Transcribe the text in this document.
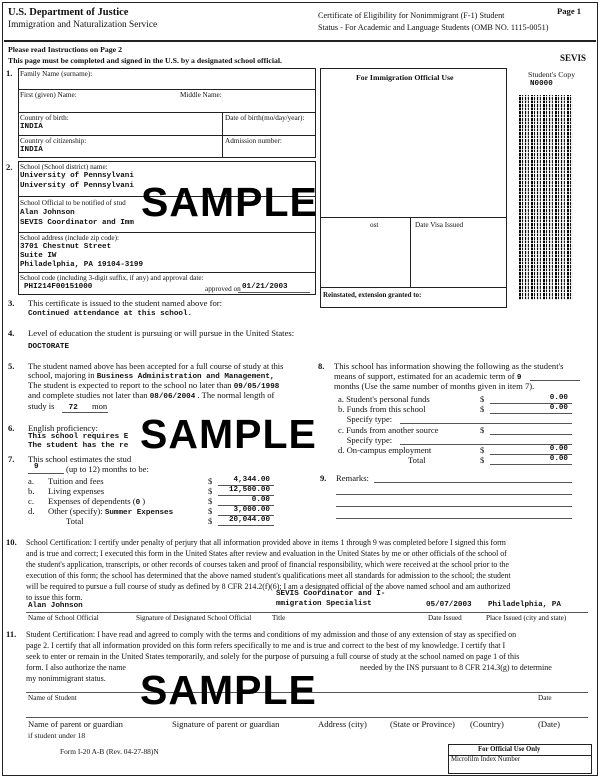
U.S. Department of Justice
Immigration and Naturalization Service
Certificate of Eligibility for Nonimmigrant (F-1) Student
Status - For Academic and Language Students (OMB NO. 1115-0051)
Page 1
Please read Instructions on Page 2
This page must be completed and signed in the U.S. by a designated school official.	SEVIS
1. Family Name (surname):
First (given) Name:	Middle Name:
Country of birth:
INDIA
Date of birth(mo/day/year):
Country of citizenship:
INDIA
Admission number:
For Immigration Official Use
ost	Date Visa Issued
Reinstated, extension granted to:
Student's Copy
N0000
2. School (School district) name:
University of Pennsylvani
University of Pennsylvani
School Official to be notified of stud
Alan Johnson
SEVIS Coordinator and Imm
School address (include zip code):
3701 Chestnut Street
Suite IW
Philadelphia, PA 19104-3199
School code (including 3-digit suffix, if any) and approval date:
PHI214F00151000	approved on 01/21/2003
3. This certificate is issued to the student named above for:
Continued attendance at this school.
4. Level of education the student is pursuing or will pursue in the United States:
DOCTORATE
5. The student named above has been accepted for a full course of study at this
school, majoring in Business Administration and Management,
The student is expected to report to the school no later than 09/05/1998
and complete studies not later than 08/06/2004 . The normal length of
study is 72 mon
6. English proficiency:
This school requires E
The student has the re
7. This school estimates the stud
9	(up to 12) months to be:
a. Tuition and fees	$	4,344.00
b. Living expenses	$ 12,500.00
c. Expenses of dependents (0 )	$	0.00
d. Other (specify): Summer Expenses	$	3,000.00
Total	$ 20,044.00
8. This school has information showing the following as the student's
means of support, estimated for an academic term of 9
months (Use the same number of months given in item 7).
a. Student's personal funds	$	0.00
b. Funds from this school	$	0.00
Specify type:
c. Funds from another source	$
Specify type:
d. On-campus employment	$	0.00
Total	$	0.00
9. Remarks:
10. School Certification: I certify under penalty of perjury that all information provided above in items 1 through 9 was completed before I signed this form
and is true and correct; I executed this form in the United States after review and evaluation in the United States by me or other officials of the school of
the student's application, transcripts, or other records of courses taken and proof of financial responsibility, which were received at the school prior to the
execution of this form; the school has determined that the above named student's qualifications meet all standards for admission to the school; the student
will be required to pursue a full course of study as defined by 8 CFR 214.2(f)(6); I am a designated official of the above named school and am authorized
to issue this form.
Alan Johnson
SEVIS Coordinator and I-
mmigration Specialist	05/07/2003 Philadelphia, PA
Name of School Official	Signature of Designated School Official	Title	Date Issued	Place Issued (city and state)
11. Student Certification: I have read and agreed to comply with the terms and conditions of my admission and those of any extension of stay as specified on
page 2. I certify that all information provided on this form refers specifically to me and is true and correct to the best of my knowledge. I certify that I
seek to enter or remain in the United States temporarily, and solely for the purpose of pursuing a full course of study at the school named on page 1 of this
form. I also authorize the name	needed by the INS pursuant to 8 CFR 214.3(g) to determine
my nonimmigrant status.
Name of Student	Date
Name of parent or guardian	Signature of parent or guardian	Address (city)	(State or Province) (Country)	(Date)
if student under 18
Form I-20 A-B (Rev. 04-27-88)N	For Official Use Only
Microfilm Index Number
SAMPLE
SAMPLE
SAMPLE
